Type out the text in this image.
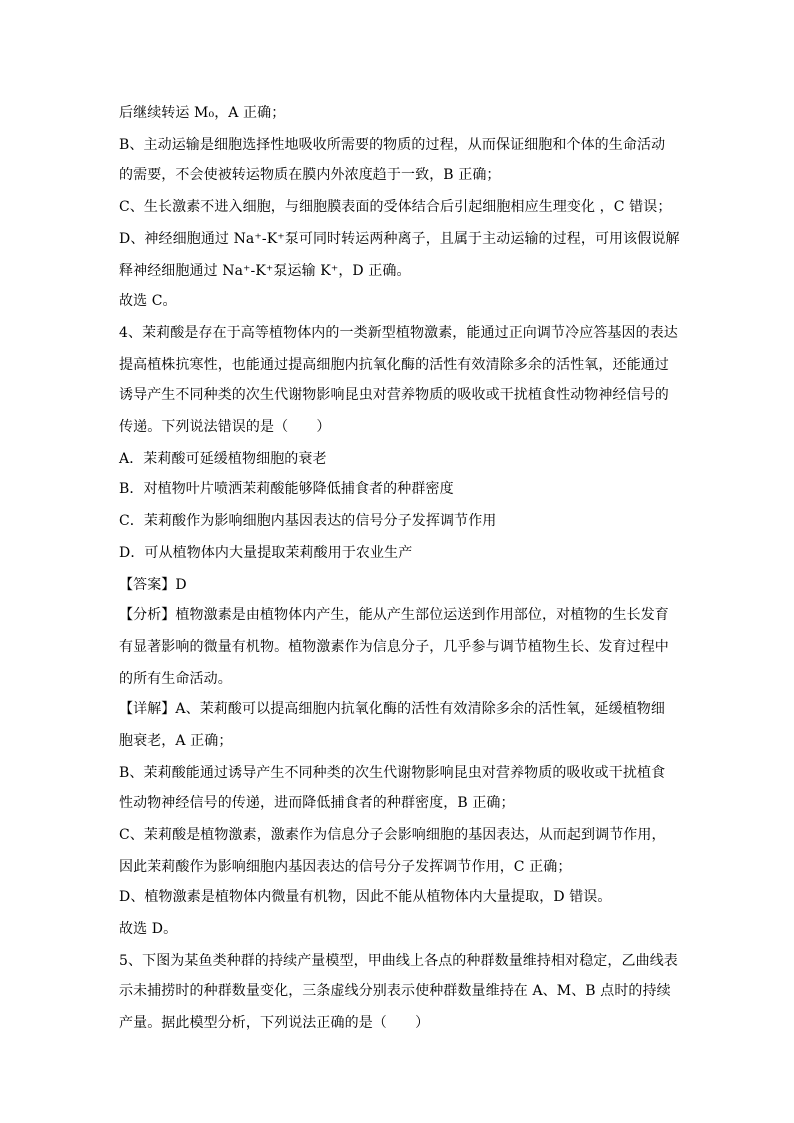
后继续转运 M₀，A 正确；
B、主动运输是细胞选择性地吸收所需要的物质的过程，从而保证细胞和个体的生命活动
的需要，不会使被转运物质在膜内外浓度趋于一致，B 正确；
C、生长激素不进入细胞，与细胞膜表面的受体结合后引起细胞相应生理变化 ，C 错误；
D、神经细胞通过 Na⁺-K⁺泵可同时转运两种离子，且属于主动运输的过程，可用该假说解
释神经细胞通过 Na⁺-K⁺泵运输 K⁺，D 正确。
故选 C。
4、茉莉酸是存在于高等植物体内的一类新型植物激素，能通过正向调节冷应答基因的表达
提高植株抗寒性，也能通过提高细胞内抗氧化酶的活性有效清除多余的活性氧，还能通过
诱导产生不同种类的次生代谢物影响昆虫对营养物质的吸收或干扰植食性动物神经信号的
传递。下列说法错误的是（　　）
A．茉莉酸可延缓植物细胞的衰老
B．对植物叶片喷洒茉莉酸能够降低捕食者的种群密度
C．茉莉酸作为影响细胞内基因表达的信号分子发挥调节作用
D．可从植物体内大量提取茉莉酸用于农业生产
【答案】D
【分析】植物激素是由植物体内产生，能从产生部位运送到作用部位，对植物的生长发育
有显著影响的微量有机物。植物激素作为信息分子，几乎参与调节植物生长、发育过程中
的所有生命活动。
【详解】A、茉莉酸可以提高细胞内抗氧化酶的活性有效清除多余的活性氧，延缓植物细
胞衰老，A 正确；
B、茉莉酸能通过诱导产生不同种类的次生代谢物影响昆虫对营养物质的吸收或干扰植食
性动物神经信号的传递，进而降低捕食者的种群密度，B 正确；
C、茉莉酸是植物激素，激素作为信息分子会影响细胞的基因表达，从而起到调节作用，
因此茉莉酸作为影响细胞内基因表达的信号分子发挥调节作用，C 正确；
D、植物激素是植物体内微量有机物，因此不能从植物体内大量提取，D 错误。
故选 D。
5、下图为某鱼类种群的持续产量模型，甲曲线上各点的种群数量维持相对稳定，乙曲线表
示未捕捞时的种群数量变化，三条虚线分别表示使种群数量维持在 A、M、B 点时的持续
产量。据此模型分析，下列说法正确的是（　　）
